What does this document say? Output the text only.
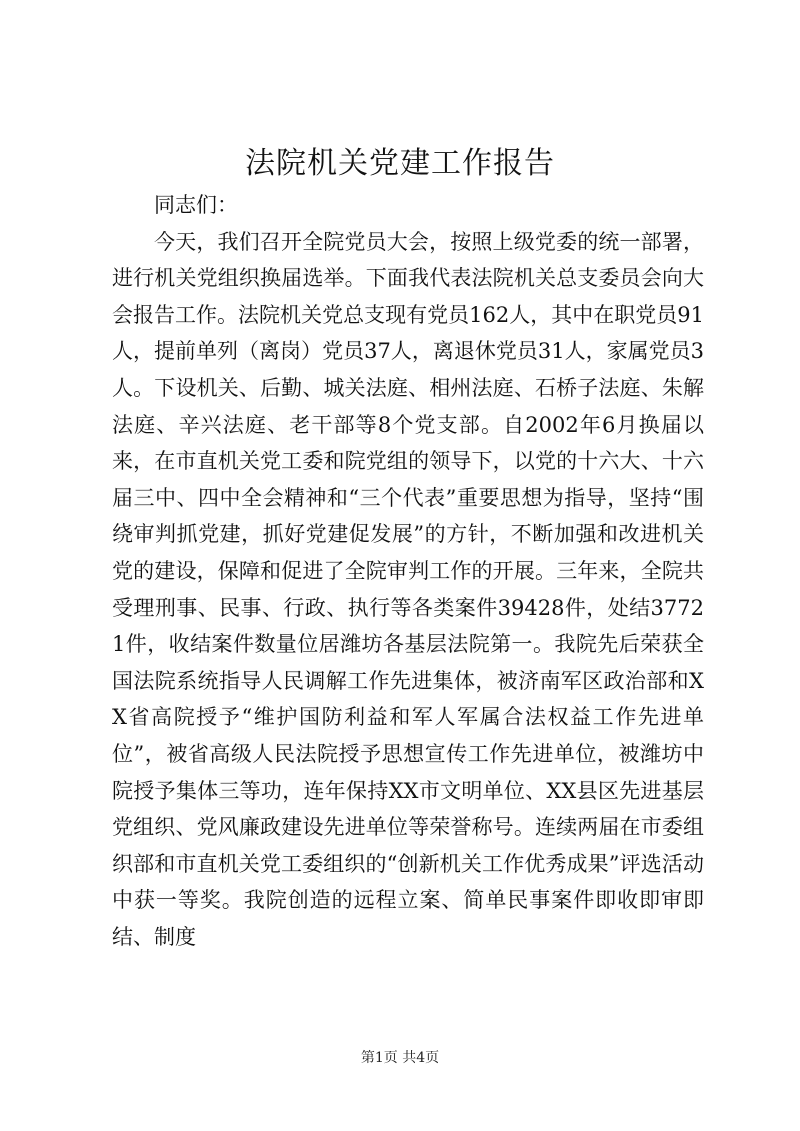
法院机关党建工作报告

同志们：

今天，我们召开全院党员大会，按照上级党委的统一部署，进行机关党组织换届选举。下面我代表法院机关总支委员会向大会报告工作。法院机关党总支现有党员162人，其中在职党员91人，提前单列（离岗）党员37人，离退休党员31人，家属党员3人。下设机关、后勤、城关法庭、相州法庭、石桥子法庭、朱解法庭、辛兴法庭、老干部等8个党支部。自2002年6月换届以来，在市直机关党工委和院党组的领导下，以党的十六大、十六届三中、四中全会精神和“三个代表”重要思想为指导，坚持“围绕审判抓党建，抓好党建促发展”的方针，不断加强和改进机关党的建设，保障和促进了全院审判工作的开展。三年来，全院共受理刑事、民事、行政、执行等各类案件39428件，处结37721件，收结案件数量位居潍坊各基层法院第一。我院先后荣获全国法院系统指导人民调解工作先进集体，被济南军区政治部和XX省高院授予“维护国防利益和军人军属合法权益工作先进单位”，被省高级人民法院授予思想宣传工作先进单位，被潍坊中院授予集体三等功，连年保持XX市文明单位、XX县区先进基层党组织、党风廉政建设先进单位等荣誉称号。连续两届在市委组织部和市直机关党工委组织的“创新机关工作优秀成果”评选活动中获一等奖。我院创造的远程立案、简单民事案件即收即审即结、制度

第1页 共4页
